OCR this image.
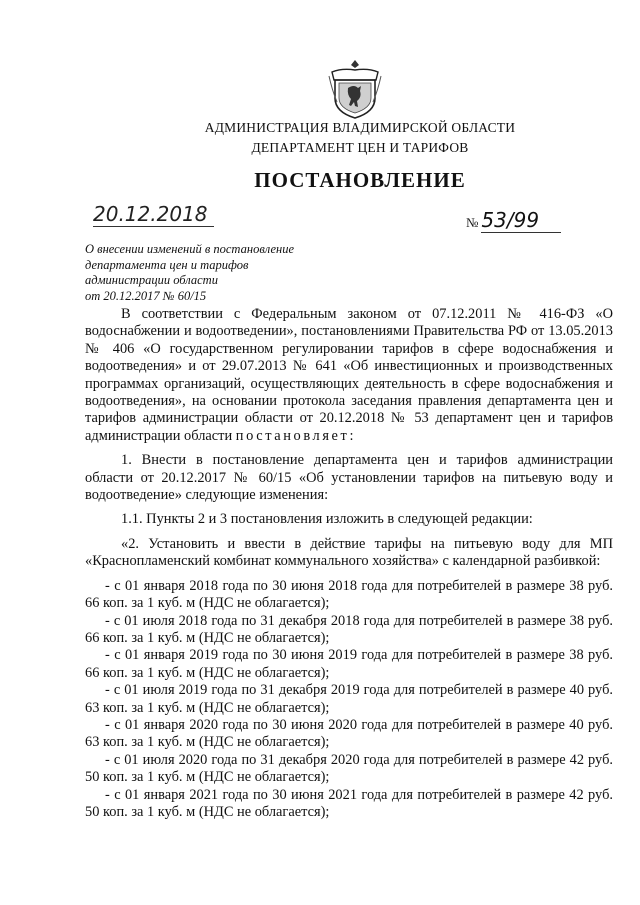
АДМИНИСТРАЦИЯ ВЛАДИМИРСКОЙ ОБЛАСТИ
ДЕПАРТАМЕНТ ЦЕН И ТАРИФОВ
ПОСТАНОВЛЕНИЕ
20.12.2018	№ 53/99
О внесении изменений в постановление
департамента цен и тарифов
администрации области
от 20.12.2017 № 60/15

В соответствии с Федеральным законом от 07.12.2011 № 416-ФЗ «О водоснабжении и водоотведении», постановлениями Правительства РФ от 13.05.2013 № 406 «О государственном регулировании тарифов в сфере водоснабжения и водоотведения» и от 29.07.2013 № 641 «Об инвестиционных и производственных программах организаций, осуществляющих деятельность в сфере водоснабжения и водоотведения», на основании протокола заседания правления департамента цен и тарифов администрации области от 20.12.2018 № 53 департамент цен и тарифов администрации области постановляет:

1. Внести в постановление департамента цен и тарифов администрации области от 20.12.2017 № 60/15 «Об установлении тарифов на питьевую воду и водоотведение» следующие изменения:

1.1. Пункты 2 и 3 постановления изложить в следующей редакции:

«2. Установить и ввести в действие тарифы на питьевую воду для МП «Краснопламенский комбинат коммунального хозяйства» с календарной разбивкой:

- с 01 января 2018 года по 30 июня 2018 года для потребителей в размере 38 руб. 66 коп. за 1 куб. м (НДС не облагается);

- с 01 июля 2018 года по 31 декабря 2018 года для потребителей в размере 38 руб. 66 коп. за 1 куб. м (НДС не облагается);

- с 01 января 2019 года по 30 июня 2019 года для потребителей в размере 38 руб. 66 коп. за 1 куб. м (НДС не облагается);

- с 01 июля 2019 года по 31 декабря 2019 года для потребителей в размере 40 руб. 63 коп. за 1 куб. м (НДС не облагается);

- с 01 января 2020 года по 30 июня 2020 года для потребителей в размере 40 руб. 63 коп. за 1 куб. м (НДС не облагается);

- с 01 июля 2020 года по 31 декабря 2020 года для потребителей в размере 42 руб. 50 коп. за 1 куб. м (НДС не облагается);

- с 01 января 2021 года по 30 июня 2021 года для потребителей в размере 42 руб. 50 коп. за 1 куб. м (НДС не облагается);
